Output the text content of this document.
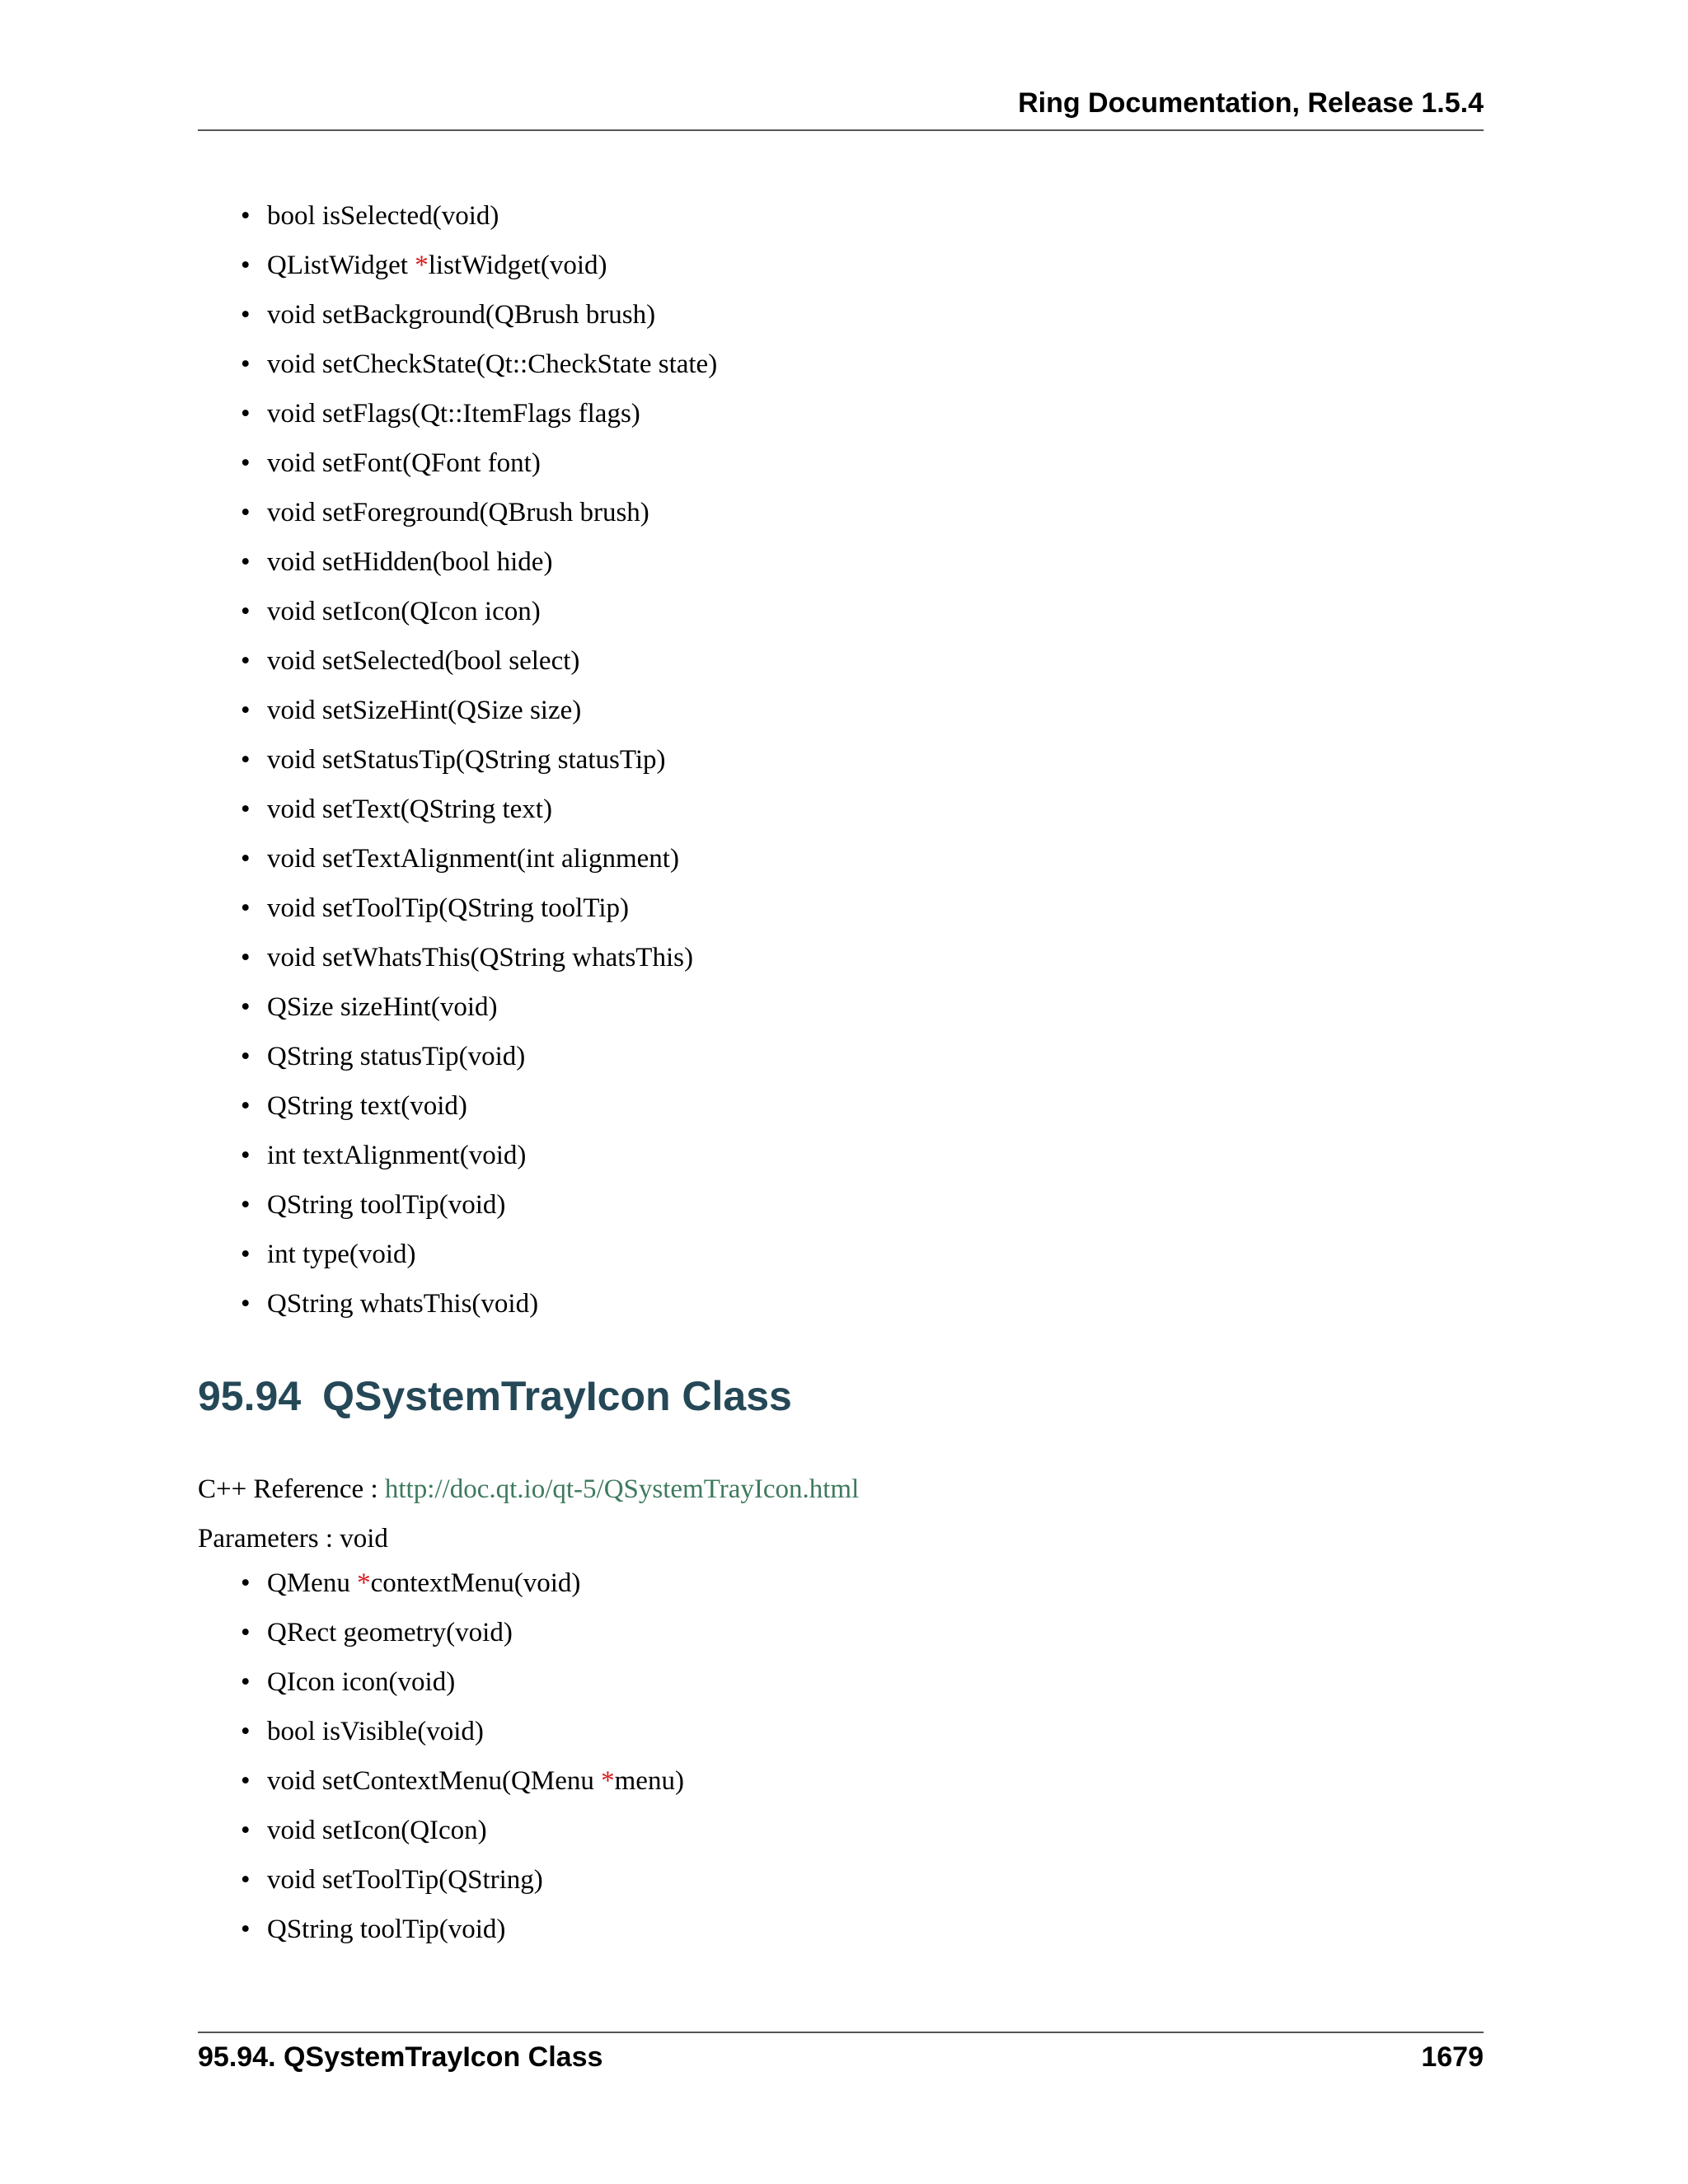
Ring Documentation, Release 1.5.4
• bool isSelected(void)
• QListWidget *listWidget(void)
• void setBackground(QBrush brush)
• void setCheckState(Qt::CheckState state)
• void setFlags(Qt::ItemFlags flags)
• void setFont(QFont font)
• void setForeground(QBrush brush)
• void setHidden(bool hide)
• void setIcon(QIcon icon)
• void setSelected(bool select)
• void setSizeHint(QSize size)
• void setStatusTip(QString statusTip)
• void setText(QString text)
• void setTextAlignment(int alignment)
• void setToolTip(QString toolTip)
• void setWhatsThis(QString whatsThis)
• QSize sizeHint(void)
• QString statusTip(void)
• QString text(void)
• int textAlignment(void)
• QString toolTip(void)
• int type(void)
• QString whatsThis(void)
95.94 QSystemTrayIcon Class
C++ Reference : http://doc.qt.io/qt-5/QSystemTrayIcon.html
Parameters : void
• QMenu *contextMenu(void)
• QRect geometry(void)
• QIcon icon(void)
• bool isVisible(void)
• void setContextMenu(QMenu *menu)
• void setIcon(QIcon)
• void setToolTip(QString)
• QString toolTip(void)
95.94. QSystemTrayIcon Class	1679
